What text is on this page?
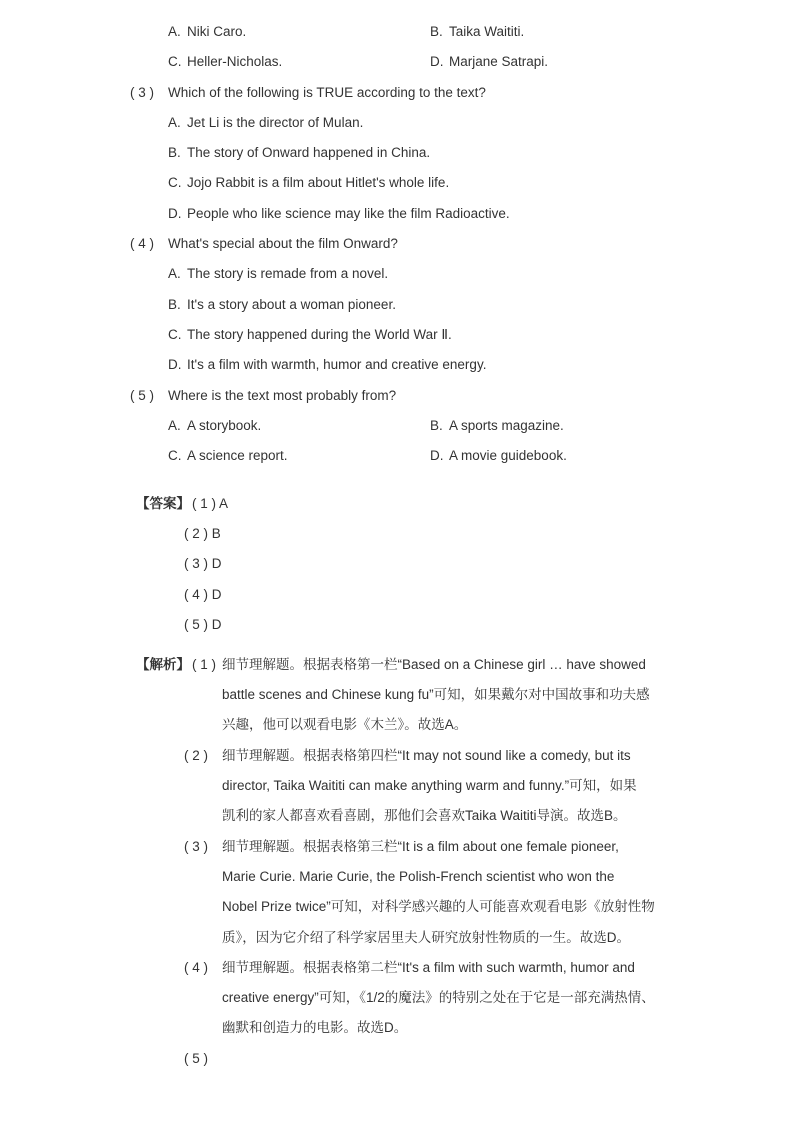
A. Niki Caro.	B. Taika Waititi.
C. Heller-Nicholas.	D. Marjane Satrapi.
( 3 ) Which of the following is TRUE according to the text?
A. Jet Li is the director of Mulan.
B. The story of Onward happened in China.
C. Jojo Rabbit is a film about Hitlet's whole life.
D. People who like science may like the film Radioactive.
( 4 ) What's special about the film Onward?
A. The story is remade from a novel.
B. It's a story about a woman pioneer.
C. The story happened during the World War Ⅱ.
D. It's a film with warmth, humor and creative energy.
( 5 ) Where is the text most probably from?
A. A storybook.	B. A sports magazine.
C. A science report.	D. A movie guidebook.
【答案】 ( 1 ) A
( 2 ) B
( 3 ) D
( 4 ) D
( 5 ) D
【解析】 ( 1 ) 细节理解题。根据表格第一栏“Based on a Chinese girl … have showed
battle scenes and Chinese kung fu”可知，如果戴尔对中国故事和功夫感
兴趣，他可以观看电影《木兰》。故选A。
( 2 ) 细节理解题。根据表格第四栏“It may not sound like a comedy, but its
director, Taika Waititi can make anything warm and funny.”可知，如果
凯利的家人都喜欢看喜剧，那他们会喜欢Taika Waititi导演。故选B。
( 3 ) 细节理解题。根据表格第三栏“It is a film about one female pioneer,
Marie Curie. Marie Curie, the Polish-French scientist who won the
Nobel Prize twice”可知，对科学感兴趣的人可能喜欢观看电影《放射性物
质》，因为它介绍了科学家居里夫人研究放射性物质的一生。故选D。
( 4 ) 细节理解题。根据表格第二栏“It's a film with such warmth, humor and
creative energy”可知，《1/2的魔法》的特别之处在于它是一部充满热情、
幽默和创造力的电影。故选D。
( 5 )
